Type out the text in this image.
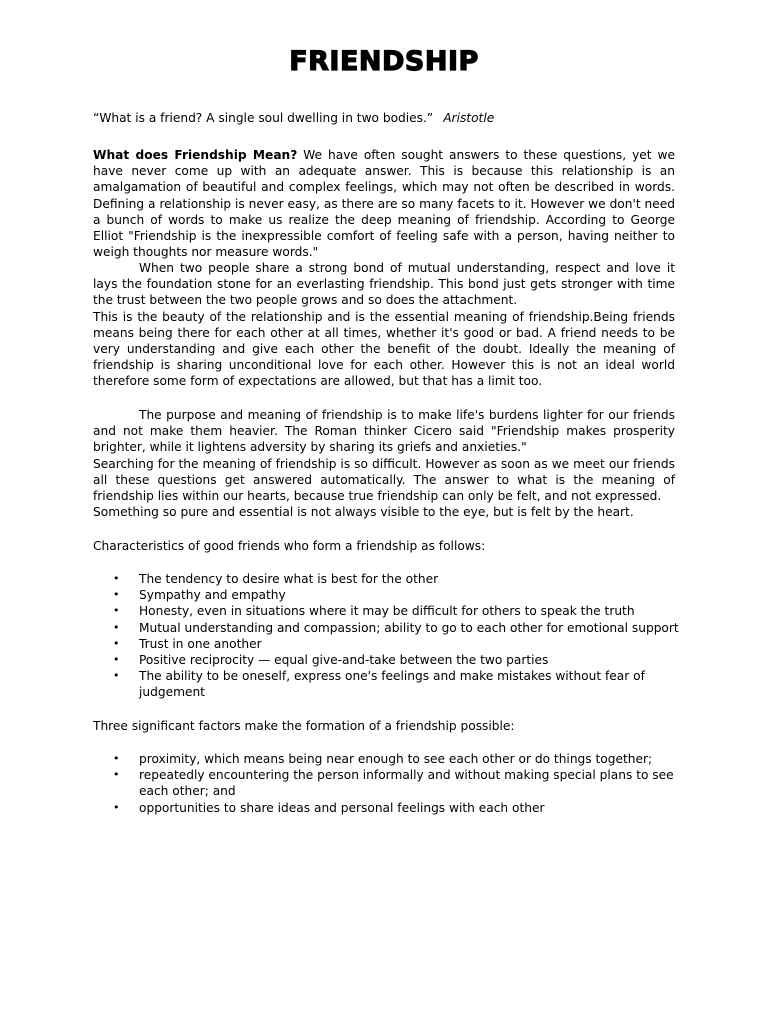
FRIENDSHIP
“What is a friend? A single soul dwelling in two bodies.” Aristotle
What does Friendship Mean? We have often sought answers to these questions, yet we have never come up with an adequate answer. This is because this relationship is an amalgamation of beautiful and complex feelings, which may not often be described in words. Defining a relationship is never easy, as there are so many facets to it. However we don't need a bunch of words to make us realize the deep meaning of friendship. According to George Elliot "Friendship is the inexpressible comfort of feeling safe with a person, having neither to weigh thoughts nor measure words."

When two people share a strong bond of mutual understanding, respect and love it lays the foundation stone for an everlasting friendship. This bond just gets stronger with time the trust between the two people grows and so does the attachment.

This is the beauty of the relationship and is the essential meaning of friendship.Being friends means being there for each other at all times, whether it's good or bad. A friend needs to be very understanding and give each other the benefit of the doubt. Ideally the meaning of friendship is sharing unconditional love for each other. However this is not an ideal world therefore some form of expectations are allowed, but that has a limit too.

The purpose and meaning of friendship is to make life's burdens lighter for our friends and not make them heavier. The Roman thinker Cicero said "Friendship makes prosperity brighter, while it lightens adversity by sharing its griefs and anxieties."

Searching for the meaning of friendship is so difficult. However as soon as we meet our friends all these questions get answered automatically. The answer to what is the meaning of friendship lies within our hearts, because true friendship can only be felt, and not expressed.

Something so pure and essential is not always visible to the eye, but is felt by the heart.

Characteristics of good friends who form a friendship as follows:
• The tendency to desire what is best for the other
• Sympathy and empathy
• Honesty, even in situations where it may be difficult for others to speak the truth
• Mutual understanding and compassion; ability to go to each other for emotional support
• Trust in one another
• Positive reciprocity — equal give-and-take between the two parties
• The ability to be oneself, express one's feelings and make mistakes without fear of judgement
Three significant factors make the formation of a friendship possible:
• proximity, which means being near enough to see each other or do things together;
• repeatedly encountering the person informally and without making special plans to see each other; and
• opportunities to share ideas and personal feelings with each other
